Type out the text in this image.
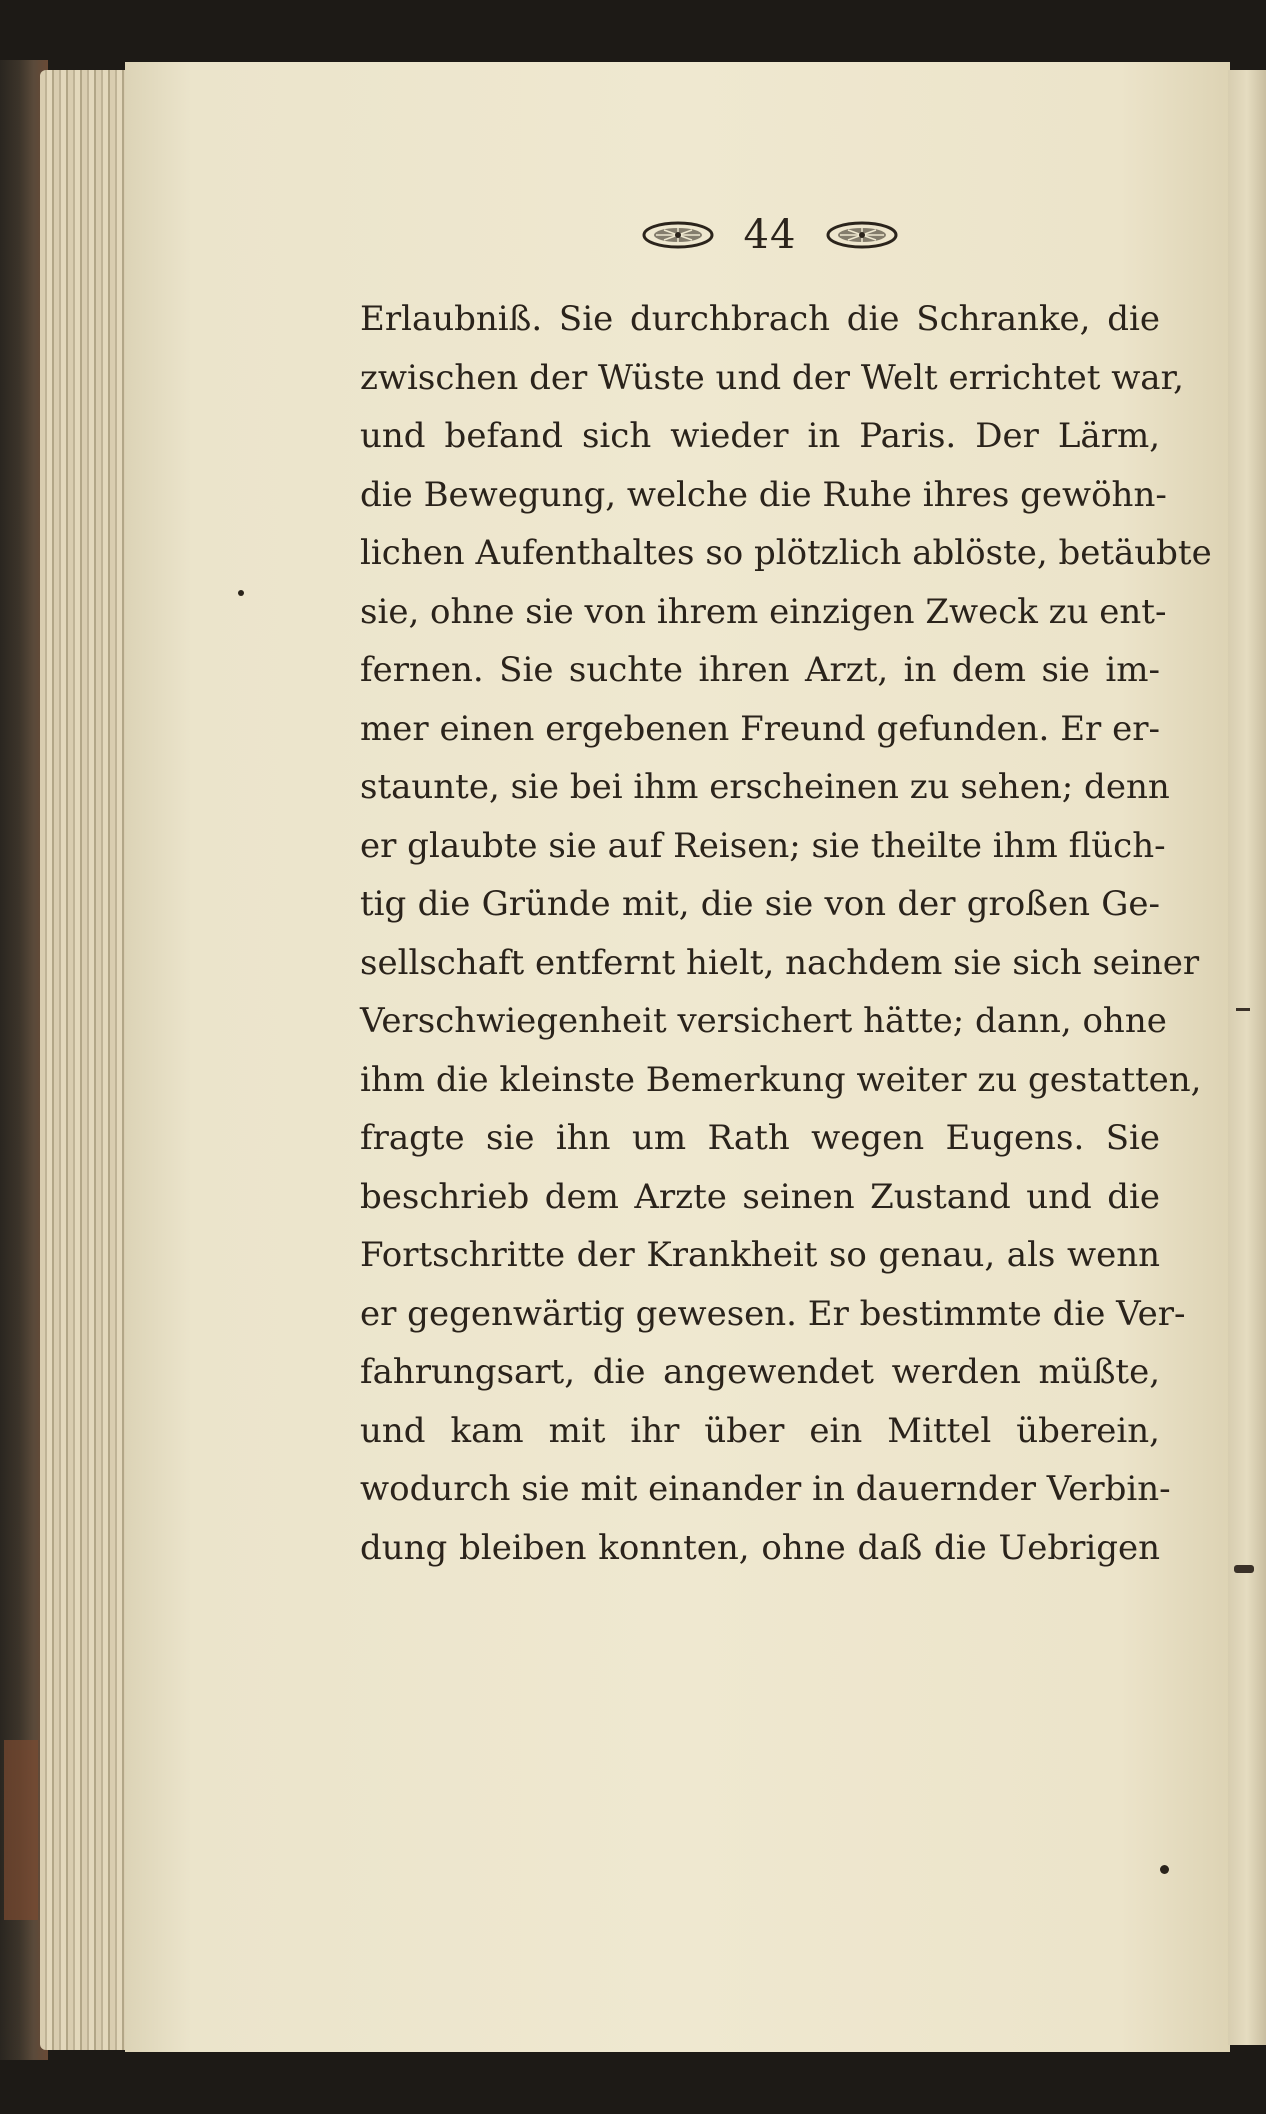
44
Erlaubniß. Sie durchbrach die Schranke, die
zwischen der Wüste und der Welt errichtet war,
und befand sich wieder in Paris. Der Lärm,
die Bewegung, welche die Ruhe ihres gewöhn-
lichen Aufenthaltes so plötzlich ablöste, betäubte
sie, ohne sie von ihrem einzigen Zweck zu ent-
fernen. Sie suchte ihren Arzt, in dem sie im-
mer einen ergebenen Freund gefunden. Er er-
staunte, sie bei ihm erscheinen zu sehen; denn
er glaubte sie auf Reisen; sie theilte ihm flüch-
tig die Gründe mit, die sie von der großen Ge-
sellschaft entfernt hielt, nachdem sie sich seiner
Verschwiegenheit versichert hätte; dann, ohne
ihm die kleinste Bemerkung weiter zu gestatten,
fragte sie ihn um Rath wegen Eugens. Sie
beschrieb dem Arzte seinen Zustand und die
Fortschritte der Krankheit so genau, als wenn
er gegenwärtig gewesen. Er bestimmte die Ver-
fahrungsart, die angewendet werden müßte,
und kam mit ihr über ein Mittel überein,
wodurch sie mit einander in dauernder Verbin-
dung bleiben konnten, ohne daß die Uebrigen
